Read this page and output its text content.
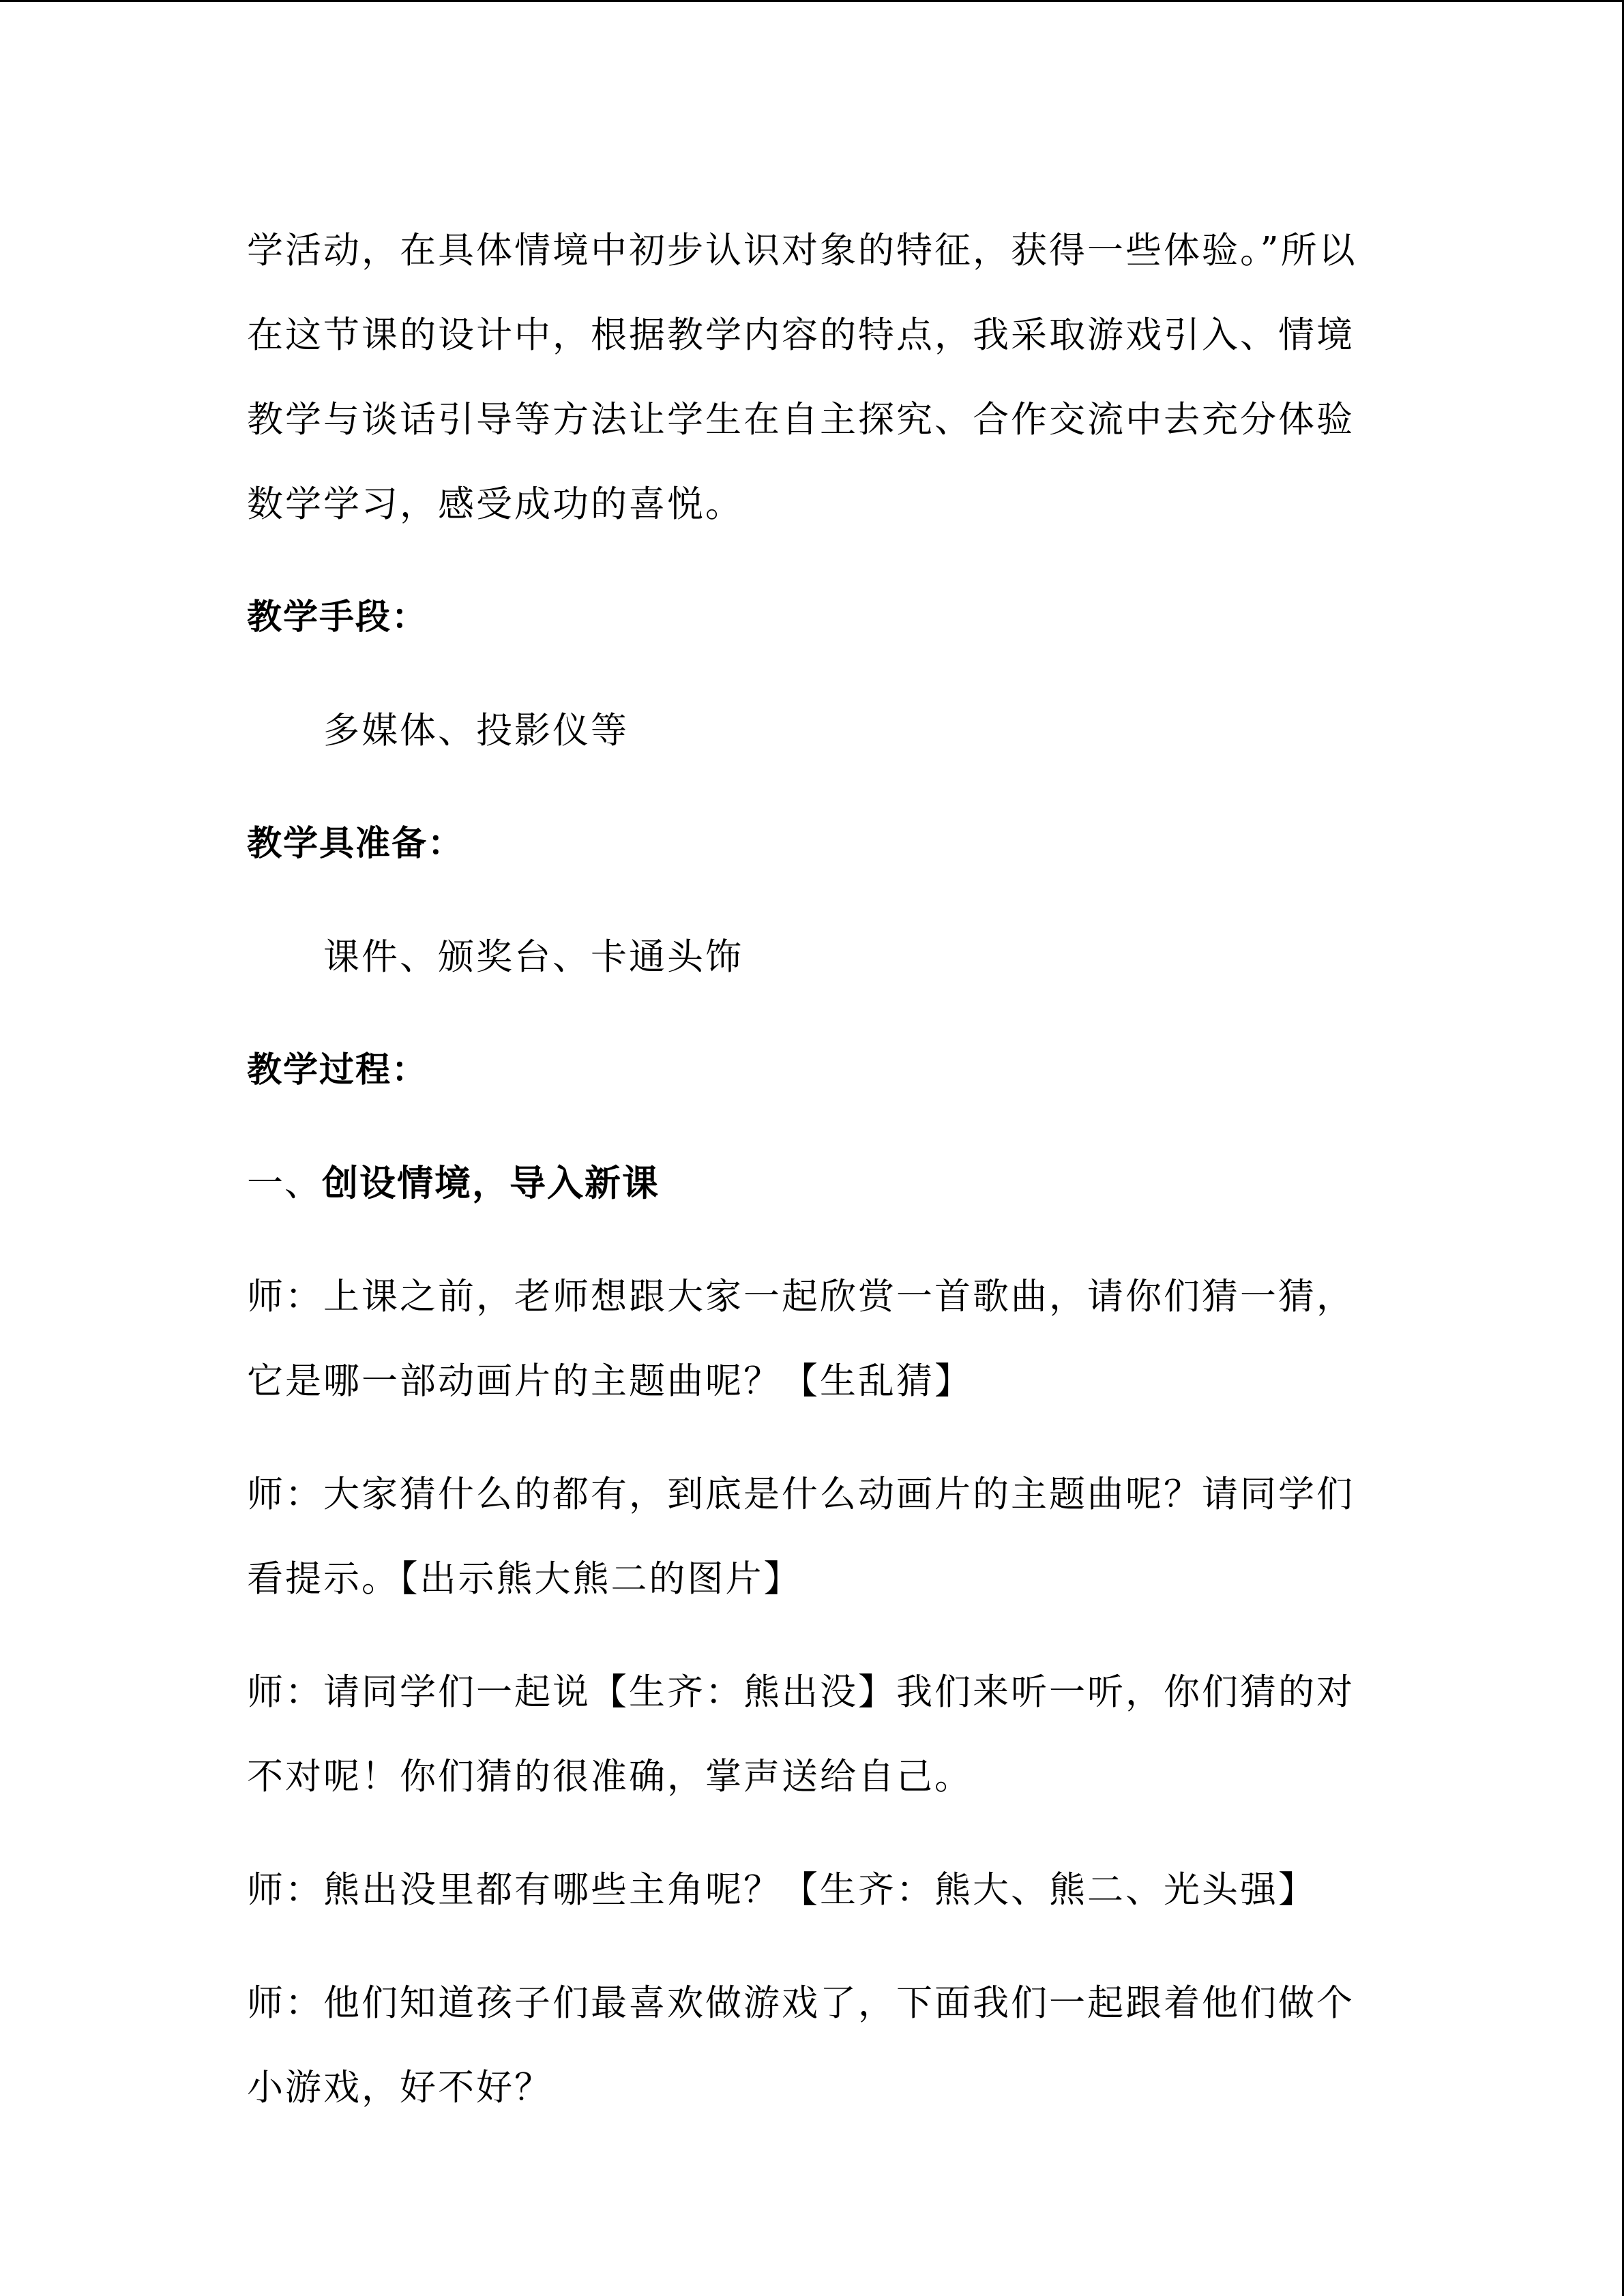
学活动，在具体情境中初步认识对象的特征，获得一些体验。”所以
在这节课的设计中，根据教学内容的特点，我采取游戏引入、情境
教学与谈话引导等方法让学生在自主探究、合作交流中去充分体验
数学学习，感受成功的喜悦。
教学手段：
多媒体、投影仪等
教学具准备：
课件、颁奖台、卡通头饰
教学过程：
一、创设情境，导入新课
师：上课之前，老师想跟大家一起欣赏一首歌曲，请你们猜一猜，
它是哪一部动画片的主题曲呢？【生乱猜】
师：大家猜什么的都有，到底是什么动画片的主题曲呢？请同学们
看提示。【出示熊大熊二的图片】
师：请同学们一起说【生齐：熊出没】我们来听一听，你们猜的对
不对呢！你们猜的很准确，掌声送给自己。
师：熊出没里都有哪些主角呢？【生齐：熊大、熊二、光头强】
师：他们知道孩子们最喜欢做游戏了，下面我们一起跟着他们做个
小游戏，好不好？
